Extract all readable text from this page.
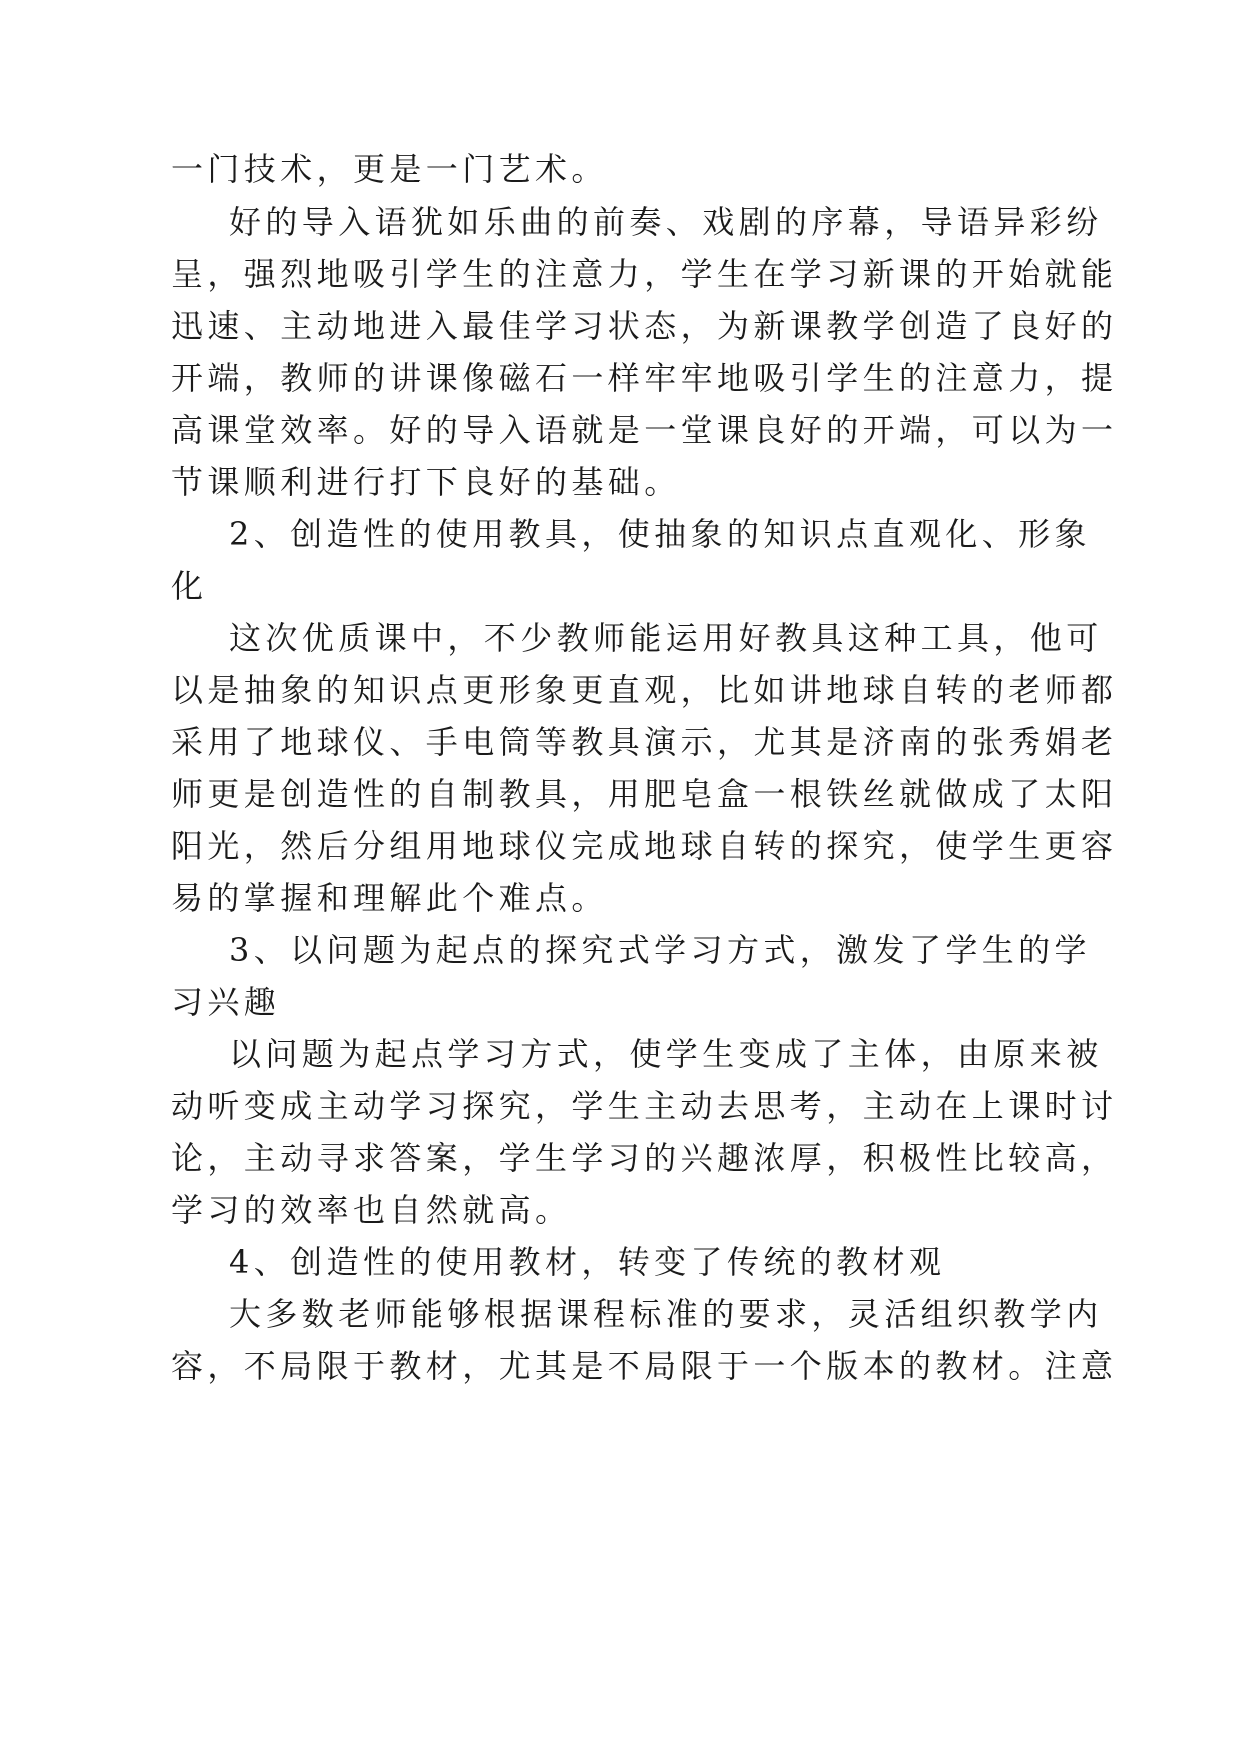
一门技术，更是一门艺术。
好的导入语犹如乐曲的前奏、戏剧的序幕，导语异彩纷
呈，强烈地吸引学生的注意力，学生在学习新课的开始就能
迅速、主动地进入最佳学习状态，为新课教学创造了良好的
开端，教师的讲课像磁石一样牢牢地吸引学生的注意力，提
高课堂效率。好的导入语就是一堂课良好的开端，可以为一
节课顺利进行打下良好的基础。
2、创造性的使用教具，使抽象的知识点直观化、形象
化
这次优质课中，不少教师能运用好教具这种工具，他可
以是抽象的知识点更形象更直观，比如讲地球自转的老师都
采用了地球仪、手电筒等教具演示，尤其是济南的张秀娟老
师更是创造性的自制教具，用肥皂盒一根铁丝就做成了太阳
阳光，然后分组用地球仪完成地球自转的探究，使学生更容
易的掌握和理解此个难点。
3、以问题为起点的探究式学习方式，激发了学生的学
习兴趣
以问题为起点学习方式，使学生变成了主体，由原来被
动听变成主动学习探究，学生主动去思考，主动在上课时讨
论，主动寻求答案，学生学习的兴趣浓厚，积极性比较高，
学习的效率也自然就高。
4、创造性的使用教材，转变了传统的教材观
大多数老师能够根据课程标准的要求，灵活组织教学内
容，不局限于教材，尤其是不局限于一个版本的教材。注意
